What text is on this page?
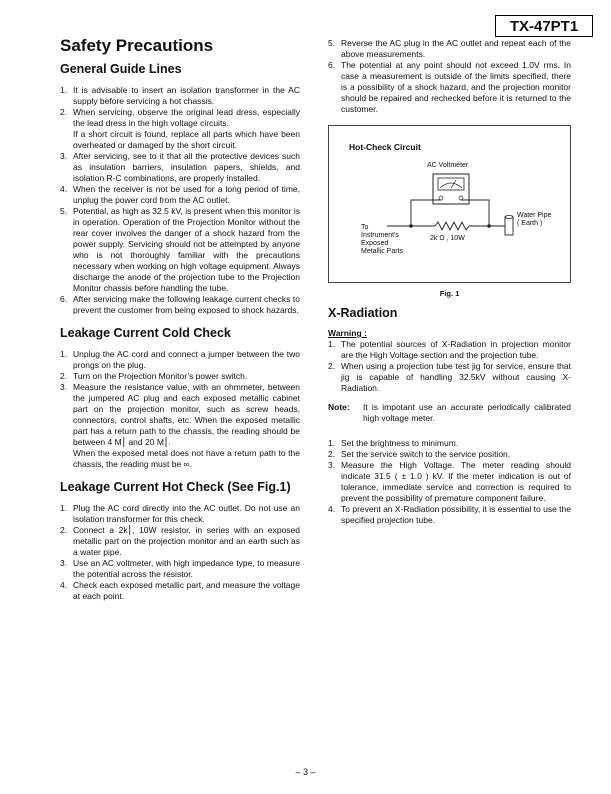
TX-47PT1
Safety Precautions
General Guide Lines
1. It is advisable to insert an isolation transformer in the AC supply before servicing a hot chassis.
2. When servicing, observe the original lead dress, especially the lead dress in the high voltage circuits.
If a short circuit is found, replace all parts which have been overheated or damaged by the short circuit.
3. After servicing, see to it that all the protective devices such as insulation barriers, insulation papers, shields, and isolation R-C combinations, are properly installed.
4. When the receiver is not be used for a long period of time, unplug the power cord from the AC outlet.
5. Potential, as high as 32.5 kV, is present when this monitor is in operation. Operation of the Projection Monitor without the rear cover involves the danger of a shock hazard from the power supply. Servicing should not be attempted by anyone who is not thoroughly familiar with the precautions necessary when working on high voltage equipment. Always discharge the anode of the projection tube to the Projection Monitor chassis before handling the tube.
6. After servicing make the following leakage current checks to prevent the customer from being exposed to shock hazards.
Leakage Current Cold Check
1. Unplug the AC cord and connect a jumper between the two prongs on the plug.
2. Turn on the Projection Monitor’s power switch.
3. Measure the resistance value, with an ohmmeter, between the jumpered AC plug and each exposed metallic cabinet part on the projection monitor, such as screw heads, connectors, control shafts, etc. When the exposed metallic part has a return path to the chassis, the reading should be between 4 M⎮ and 20 M⎮.
When the exposed metal does not have a return path to the chassis, the reading must be ∞.
Leakage Current Hot Check (See Fig.1)
1. Plug the AC cord directly into the AC outlet. Do not use an isolation transformer for this check.
2. Connect a 2k⎮, 10W resistor, in series with an exposed metallic part on the projection monitor and an earth such as a water pipe.
3. Use an AC voltmeter, with high impedance type, to measure the potential across the resistor.
4. Check each exposed metallic part, and measure the voltage at each point.
5. Reverse the AC plug in the AC outlet and repeat each of the above measurements.
6. The potential at any point should not exceed 1.0V rms. In case a measurement is outside of the limits specified, there is a possibility of a shock hazard, and the projection monitor should be repaired and rechecked before it is returned to the customer.
Hot-Check Circuit
AC Voltmeter
To
Instrument's
Exposed
Metallic Parts
2k Ω , 10W
Water Pipe
( Earth )
Fig. 1
X-Radiation
Warning :
1. The potential sources of X-Radiation in projection monitor are the High Voltage section and the projection tube.
2. When using a projection tube test jig for service, ensure that jig is capable of handling 32.5kV without causing X-Radiation.
Note:	It is impotant use an accurate periodically calibrated high voltage meter.
1. Set the brightness to minimum.
2. Set the service switch to the service position.
3. Measure the High Voltage. The meter reading should indicate 31.5 ( ± 1.0 ) kV. If the meter indication is out of tolerance, immediate service and correction is required to prevent the possibility of premature component failure.
4. To prevent an X-Radiation possibility, it is essential to use the specified projection tube.
– 3 –
